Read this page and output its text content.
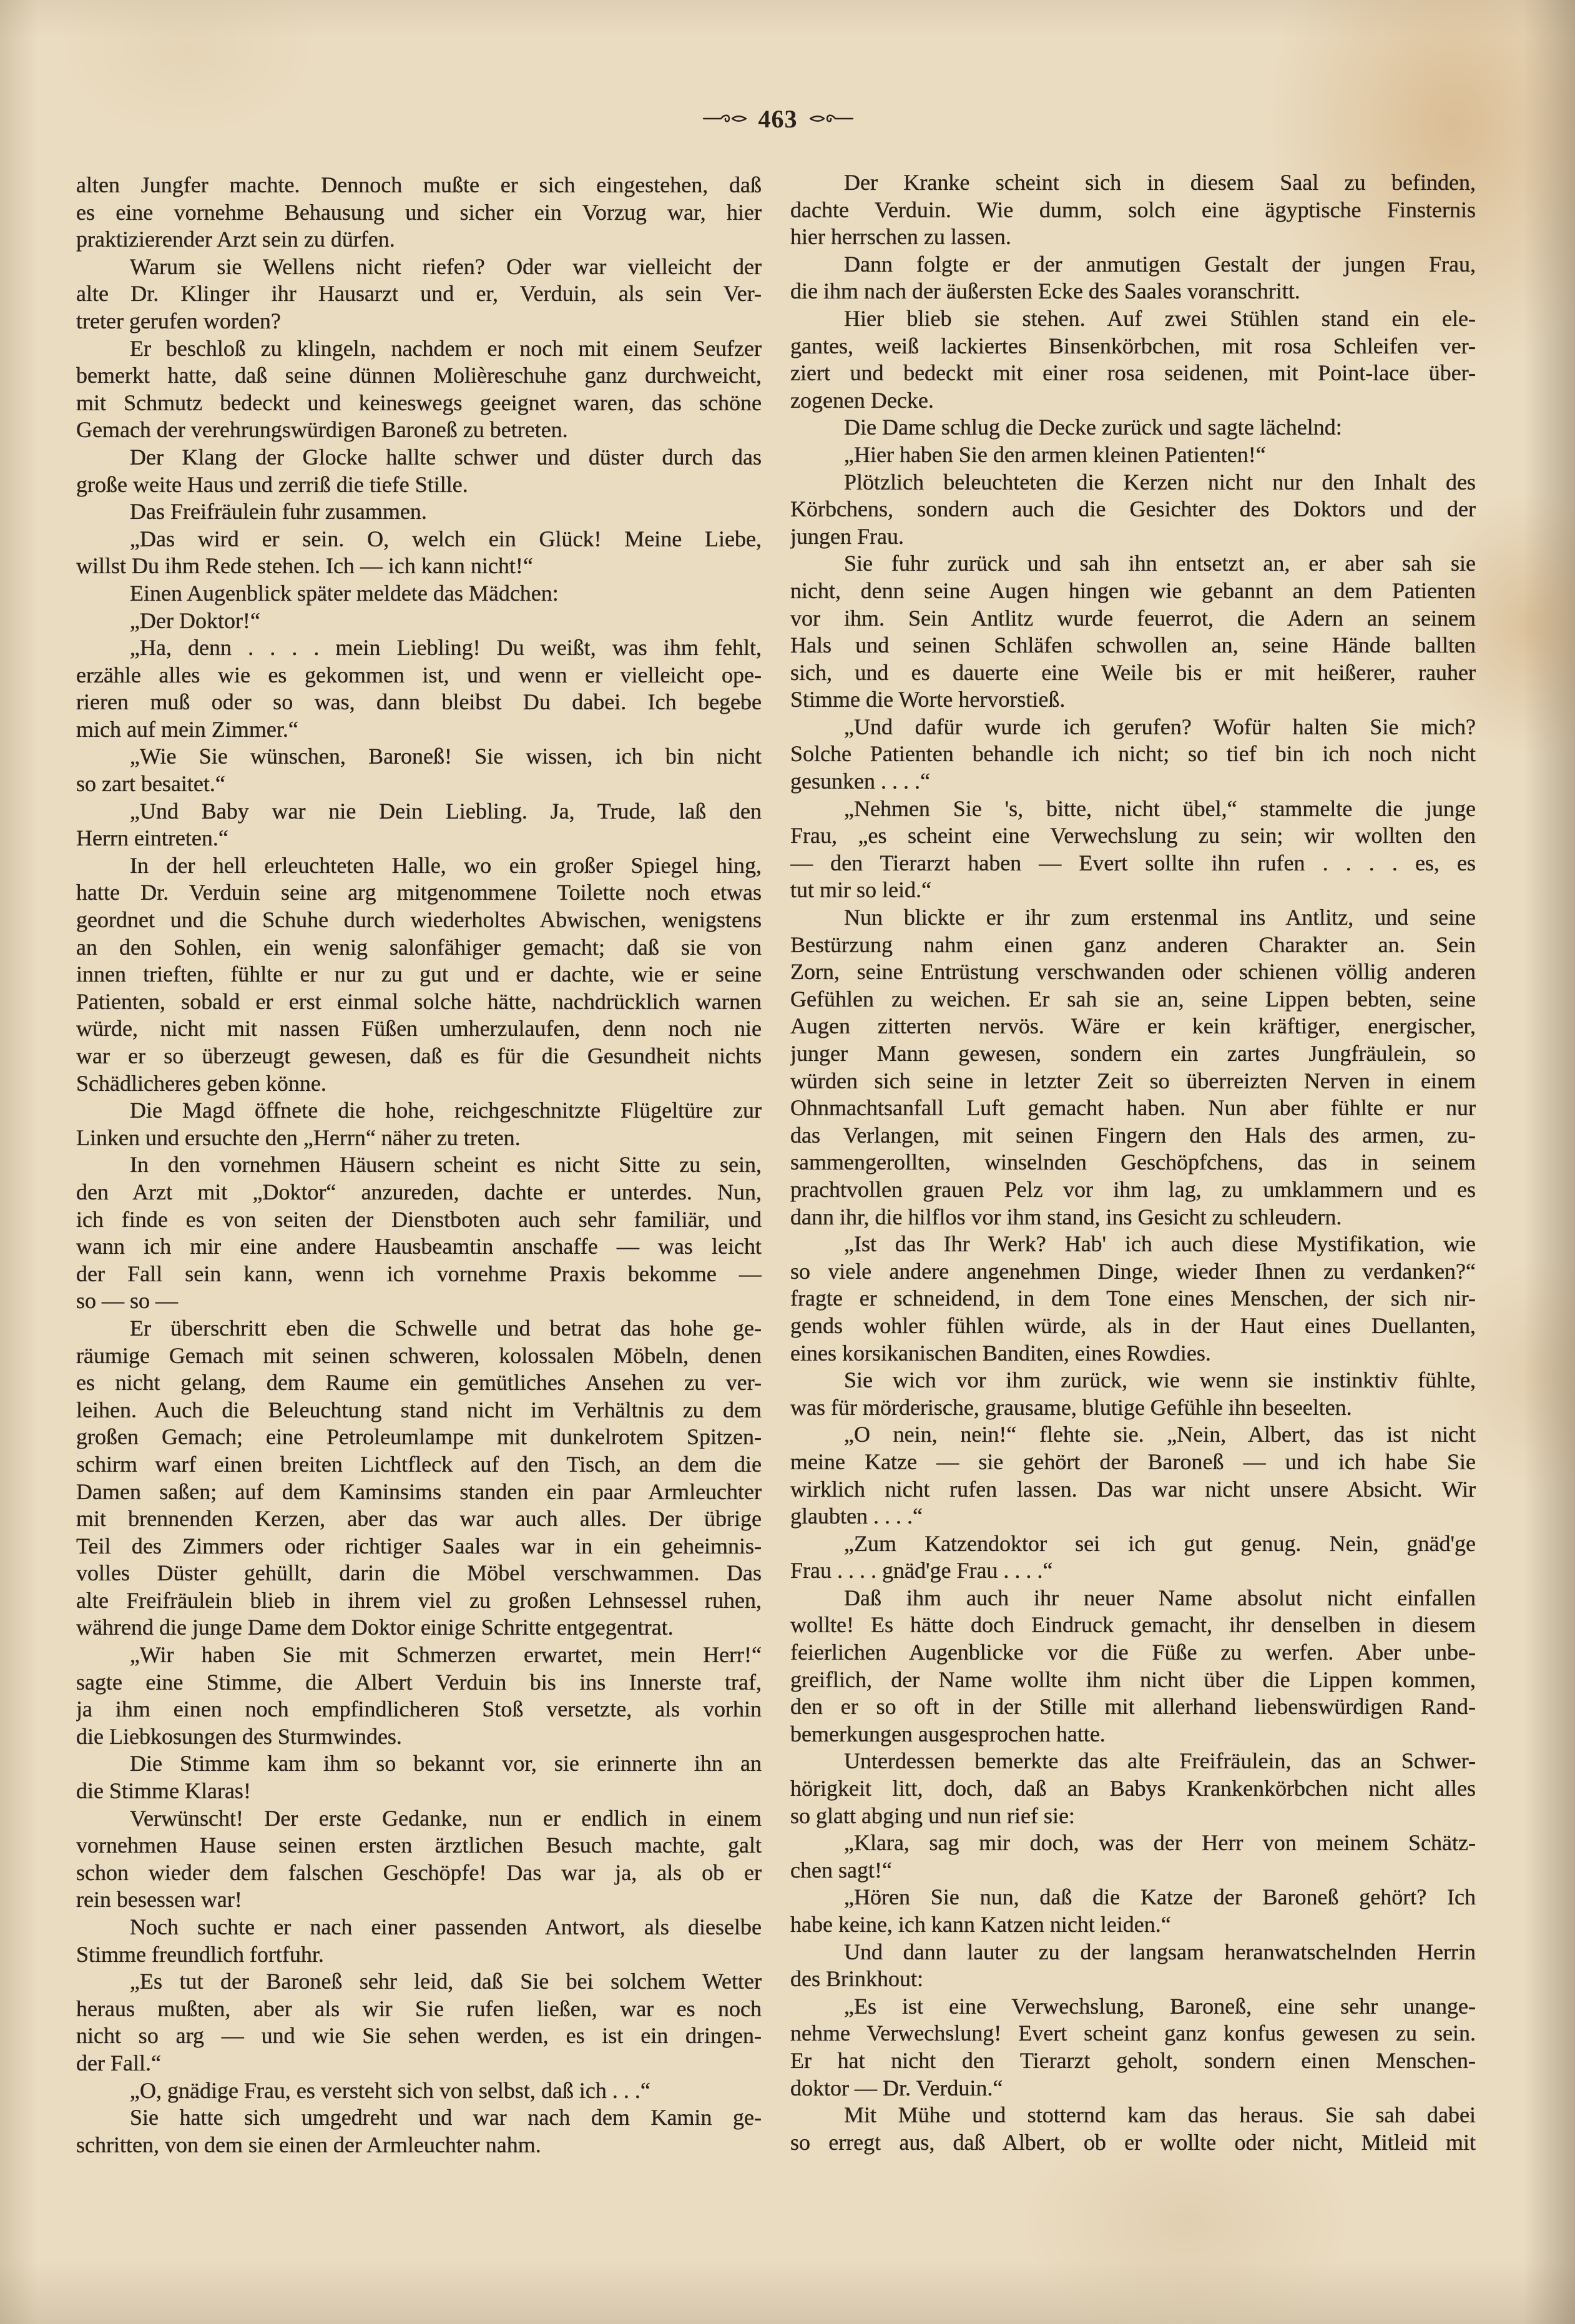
463
alten Jungfer machte. Dennoch mußte er sich eingestehen, daß
es eine vornehme Behausung und sicher ein Vorzug war, hier
praktizierender Arzt sein zu dürfen.
Warum sie Wellens nicht riefen? Oder war vielleicht der
alte Dr. Klinger ihr Hausarzt und er, Verduin, als sein Ver-
treter gerufen worden?
Er beschloß zu klingeln, nachdem er noch mit einem Seufzer
bemerkt hatte, daß seine dünnen Molièreschuhe ganz durchweicht,
mit Schmutz bedeckt und keineswegs geeignet waren, das schöne
Gemach der verehrungswürdigen Baroneß zu betreten.
Der Klang der Glocke hallte schwer und düster durch das
große weite Haus und zerriß die tiefe Stille.
Das Freifräulein fuhr zusammen.
„Das wird er sein. O, welch ein Glück! Meine Liebe,
willst Du ihm Rede stehen. Ich — ich kann nicht!“
Einen Augenblick später meldete das Mädchen:
„Der Doktor!“
„Ha, denn . . . . mein Liebling! Du weißt, was ihm fehlt,
erzähle alles wie es gekommen ist, und wenn er vielleicht ope-
rieren muß oder so was, dann bleibst Du dabei. Ich begebe
mich auf mein Zimmer.“
„Wie Sie wünschen, Baroneß! Sie wissen, ich bin nicht
so zart besaitet.“
„Und Baby war nie Dein Liebling. Ja, Trude, laß den
Herrn eintreten.“
In der hell erleuchteten Halle, wo ein großer Spiegel hing,
hatte Dr. Verduin seine arg mitgenommene Toilette noch etwas
geordnet und die Schuhe durch wiederholtes Abwischen, wenigstens
an den Sohlen, ein wenig salonfähiger gemacht; daß sie von
innen trieften, fühlte er nur zu gut und er dachte, wie er seine
Patienten, sobald er erst einmal solche hätte, nachdrücklich warnen
würde, nicht mit nassen Füßen umherzulaufen, denn noch nie
war er so überzeugt gewesen, daß es für die Gesundheit nichts
Schädlicheres geben könne.
Die Magd öffnete die hohe, reichgeschnitzte Flügeltüre zur
Linken und ersuchte den „Herrn“ näher zu treten.
In den vornehmen Häusern scheint es nicht Sitte zu sein,
den Arzt mit „Doktor“ anzureden, dachte er unterdes. Nun,
ich finde es von seiten der Dienstboten auch sehr familiär, und
wann ich mir eine andere Hausbeamtin anschaffe — was leicht
der Fall sein kann, wenn ich vornehme Praxis bekomme —
so — so —
Er überschritt eben die Schwelle und betrat das hohe ge-
räumige Gemach mit seinen schweren, kolossalen Möbeln, denen
es nicht gelang, dem Raume ein gemütliches Ansehen zu ver-
leihen. Auch die Beleuchtung stand nicht im Verhältnis zu dem
großen Gemach; eine Petroleumlampe mit dunkelrotem Spitzen-
schirm warf einen breiten Lichtfleck auf den Tisch, an dem die
Damen saßen; auf dem Kaminsims standen ein paar Armleuchter
mit brennenden Kerzen, aber das war auch alles. Der übrige
Teil des Zimmers oder richtiger Saales war in ein geheimnis-
volles Düster gehüllt, darin die Möbel verschwammen. Das
alte Freifräulein blieb in ihrem viel zu großen Lehnsessel ruhen,
während die junge Dame dem Doktor einige Schritte entgegentrat.
„Wir haben Sie mit Schmerzen erwartet, mein Herr!“
sagte eine Stimme, die Albert Verduin bis ins Innerste traf,
ja ihm einen noch empfindlicheren Stoß versetzte, als vorhin
die Liebkosungen des Sturmwindes.
Die Stimme kam ihm so bekannt vor, sie erinnerte ihn an
die Stimme Klaras!
Verwünscht! Der erste Gedanke, nun er endlich in einem
vornehmen Hause seinen ersten ärztlichen Besuch machte, galt
schon wieder dem falschen Geschöpfe! Das war ja, als ob er
rein besessen war!
Noch suchte er nach einer passenden Antwort, als dieselbe
Stimme freundlich fortfuhr.
„Es tut der Baroneß sehr leid, daß Sie bei solchem Wetter
heraus mußten, aber als wir Sie rufen ließen, war es noch
nicht so arg — und wie Sie sehen werden, es ist ein dringen-
der Fall.“
„O, gnädige Frau, es versteht sich von selbst, daß ich . . .“
Sie hatte sich umgedreht und war nach dem Kamin ge-
schritten, von dem sie einen der Armleuchter nahm.
Der Kranke scheint sich in diesem Saal zu befinden,
dachte Verduin. Wie dumm, solch eine ägyptische Finsternis
hier herrschen zu lassen.
Dann folgte er der anmutigen Gestalt der jungen Frau,
die ihm nach der äußersten Ecke des Saales voranschritt.
Hier blieb sie stehen. Auf zwei Stühlen stand ein ele-
gantes, weiß lackiertes Binsenkörbchen, mit rosa Schleifen ver-
ziert und bedeckt mit einer rosa seidenen, mit Point-lace über-
zogenen Decke.
Die Dame schlug die Decke zurück und sagte lächelnd:
„Hier haben Sie den armen kleinen Patienten!“
Plötzlich beleuchteten die Kerzen nicht nur den Inhalt des
Körbchens, sondern auch die Gesichter des Doktors und der
jungen Frau.
Sie fuhr zurück und sah ihn entsetzt an, er aber sah sie
nicht, denn seine Augen hingen wie gebannt an dem Patienten
vor ihm. Sein Antlitz wurde feuerrot, die Adern an seinem
Hals und seinen Schläfen schwollen an, seine Hände ballten
sich, und es dauerte eine Weile bis er mit heißerer, rauher
Stimme die Worte hervorstieß.
„Und dafür wurde ich gerufen? Wofür halten Sie mich?
Solche Patienten behandle ich nicht; so tief bin ich noch nicht
gesunken . . . .“
„Nehmen Sie 's, bitte, nicht übel,“ stammelte die junge
Frau, „es scheint eine Verwechslung zu sein; wir wollten den
— den Tierarzt haben — Evert sollte ihn rufen . . . . es, es
tut mir so leid.“
Nun blickte er ihr zum erstenmal ins Antlitz, und seine
Bestürzung nahm einen ganz anderen Charakter an. Sein
Zorn, seine Entrüstung verschwanden oder schienen völlig anderen
Gefühlen zu weichen. Er sah sie an, seine Lippen bebten, seine
Augen zitterten nervös. Wäre er kein kräftiger, energischer,
junger Mann gewesen, sondern ein zartes Jungfräulein, so
würden sich seine in letzter Zeit so überreizten Nerven in einem
Ohnmachtsanfall Luft gemacht haben. Nun aber fühlte er nur
das Verlangen, mit seinen Fingern den Hals des armen, zu-
sammengerollten, winselnden Geschöpfchens, das in seinem
prachtvollen grauen Pelz vor ihm lag, zu umklammern und es
dann ihr, die hilflos vor ihm stand, ins Gesicht zu schleudern.
„Ist das Ihr Werk? Hab' ich auch diese Mystifikation, wie
so viele andere angenehmen Dinge, wieder Ihnen zu verdanken?“
fragte er schneidend, in dem Tone eines Menschen, der sich nir-
gends wohler fühlen würde, als in der Haut eines Duellanten,
eines korsikanischen Banditen, eines Rowdies.
Sie wich vor ihm zurück, wie wenn sie instinktiv fühlte,
was für mörderische, grausame, blutige Gefühle ihn beseelten.
„O nein, nein!“ flehte sie. „Nein, Albert, das ist nicht
meine Katze — sie gehört der Baroneß — und ich habe Sie
wirklich nicht rufen lassen. Das war nicht unsere Absicht. Wir
glaubten . . . .“
„Zum Katzendoktor sei ich gut genug. Nein, gnäd'ge
Frau . . . . gnäd'ge Frau . . . .“
Daß ihm auch ihr neuer Name absolut nicht einfallen
wollte! Es hätte doch Eindruck gemacht, ihr denselben in diesem
feierlichen Augenblicke vor die Füße zu werfen. Aber unbe-
greiflich, der Name wollte ihm nicht über die Lippen kommen,
den er so oft in der Stille mit allerhand liebenswürdigen Rand-
bemerkungen ausgesprochen hatte.
Unterdessen bemerkte das alte Freifräulein, das an Schwer-
hörigkeit litt, doch, daß an Babys Krankenkörbchen nicht alles
so glatt abging und nun rief sie:
„Klara, sag mir doch, was der Herr von meinem Schätz-
chen sagt!“
„Hören Sie nun, daß die Katze der Baroneß gehört? Ich
habe keine, ich kann Katzen nicht leiden.“
Und dann lauter zu der langsam heranwatschelnden Herrin
des Brinkhout:
„Es ist eine Verwechslung, Baroneß, eine sehr unange-
nehme Verwechslung! Evert scheint ganz konfus gewesen zu sein.
Er hat nicht den Tierarzt geholt, sondern einen Menschen-
doktor — Dr. Verduin.“
Mit Mühe und stotternd kam das heraus. Sie sah dabei
so erregt aus, daß Albert, ob er wollte oder nicht, Mitleid mit
